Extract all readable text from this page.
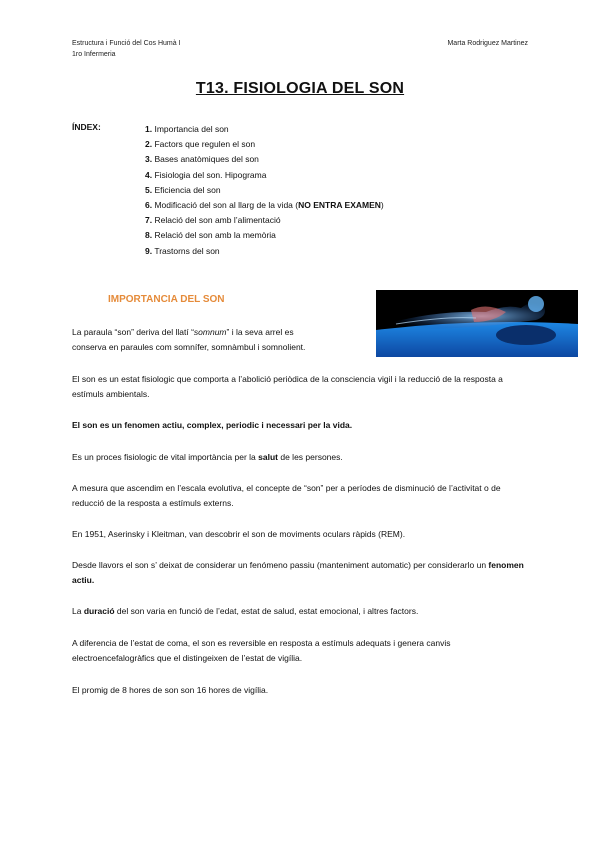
Estructura i Funció del Cos Humà I
1ro Infermeria
Marta Rodriguez Martinez
T13. FISIOLOGIA DEL SON
ÍNDEX:	1. Importancia del son
2. Factors que regulen el son
3. Bases anatòmiques del son
4. Fisiologia del son. Hipograma
5. Eficiencia del son
6. Modificació del son al llarg de la vida (NO ENTRA EXAMEN)
7. Relació del son amb l’alimentació
8. Relació del son amb la memòria
9. Trastorns del son
IMPORTANCIA DEL SON
La paraula “son” deriva del llatí “somnum” i la seva arrel es
conserva en paraules com somnífer, somnàmbul i somnolient.
El son es un estat fisiologic que comporta a l’abolició periòdica de la consciencia vigil i la reducció de la resposta a estímuls ambientals.
El son es un fenomen actiu, complex, periodic i necessari per la vida.
Es un proces fisiologic de vital importància per la salut de les persones.
A mesura que ascendim en l’escala evolutiva, el concepte de “son” per a períodes de disminució de l’activitat o de reducció de la resposta a estímuls externs.
En 1951, Aserinsky i Kleitman, van descobrir el son de moviments oculars ràpids (REM).
Desde llavors el son s’ deixat de considerar un fenómeno passiu (manteniment automatic) per considerarlo un fenomen actiu.
La duració del son varia en funció de l’edat, estat de salud, estat emocional, i altres factors.
A diferencia de l’estat de coma, el son es reversible en resposta a estímuls adequats i genera canvis electroencefalogràfics que el distingeixen de l’estat de vigília.
El promig de 8 hores de son son 16 hores de vigília.
